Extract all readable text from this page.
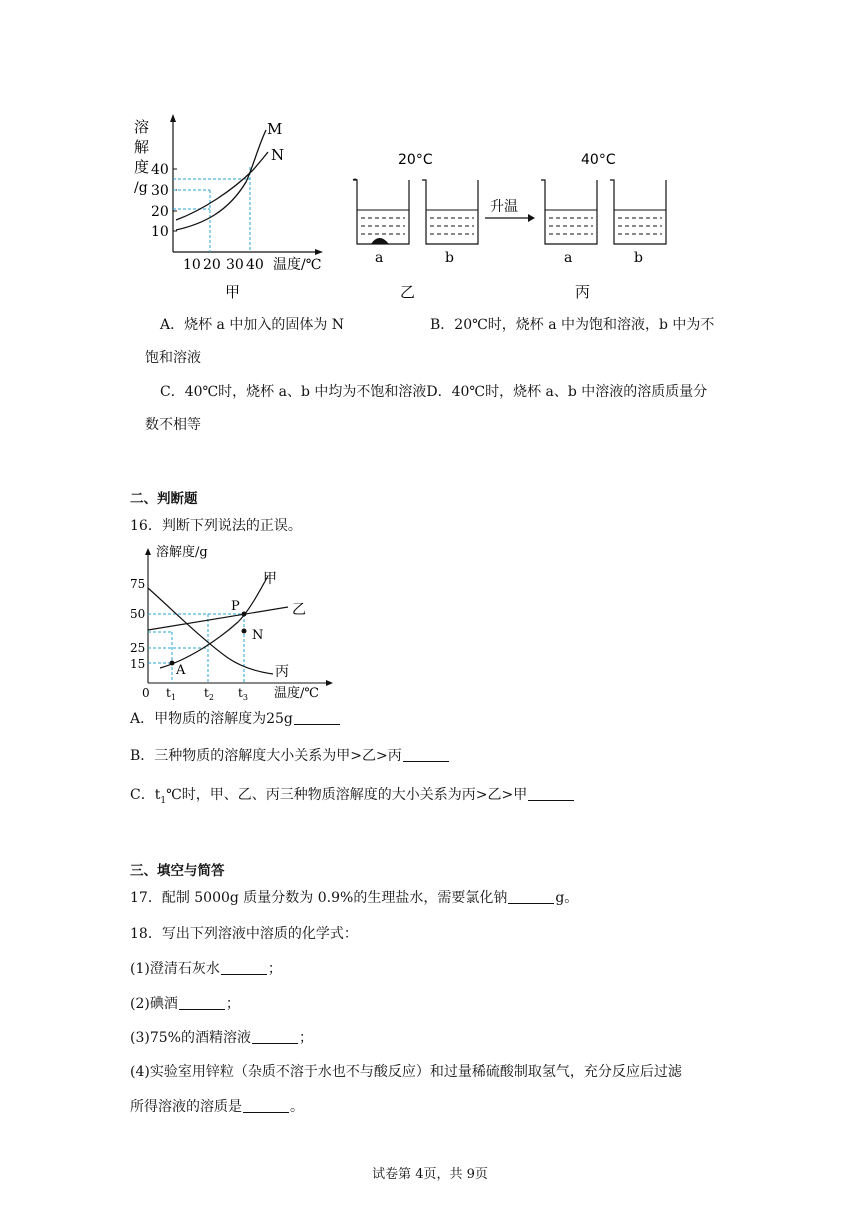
溶
解
度
/g
40
30
20
10
10 20 30 40 温度/℃
M
N
甲
20°C	40°C
升温
a	b	a	b
乙	丙
A．烧杯 a 中加入的固体为 N	B．20℃时，烧杯 a 中为饱和溶液，b 中为不
饱和溶液
C．40℃时，烧杯 a、b 中均为不饱和溶液D．40℃时，烧杯 a、b 中溶液的溶质质量分
数不相等
二、判断题
16．判断下列说法的正误。
溶解度/g
75
50
25
15
0 $t_1$ $t_2$ $t_3$ 温度/℃
P
N
A
甲
乙
丙
A．甲物质的溶解度为25g
B．三种物质的溶解度大小关系为甲>乙>丙
C．$t_1℃$时，甲、乙、丙三种物质溶解度的大小关系为丙>乙>甲
三、填空与简答
17．配制 5000g 质量分数为 0.9%的生理盐水，需要氯化钠	g。
18．写出下列溶液中溶质的化学式：
(1)澄清石灰水	；
(2)碘酒	；
(3)75%的酒精溶液	；
(4)实验室用锌粒（杂质不溶于水也不与酸反应）和过量稀硫酸制取氢气，充分反应后过滤
所得溶液的溶质是	。
试卷第 4页，共 9页
